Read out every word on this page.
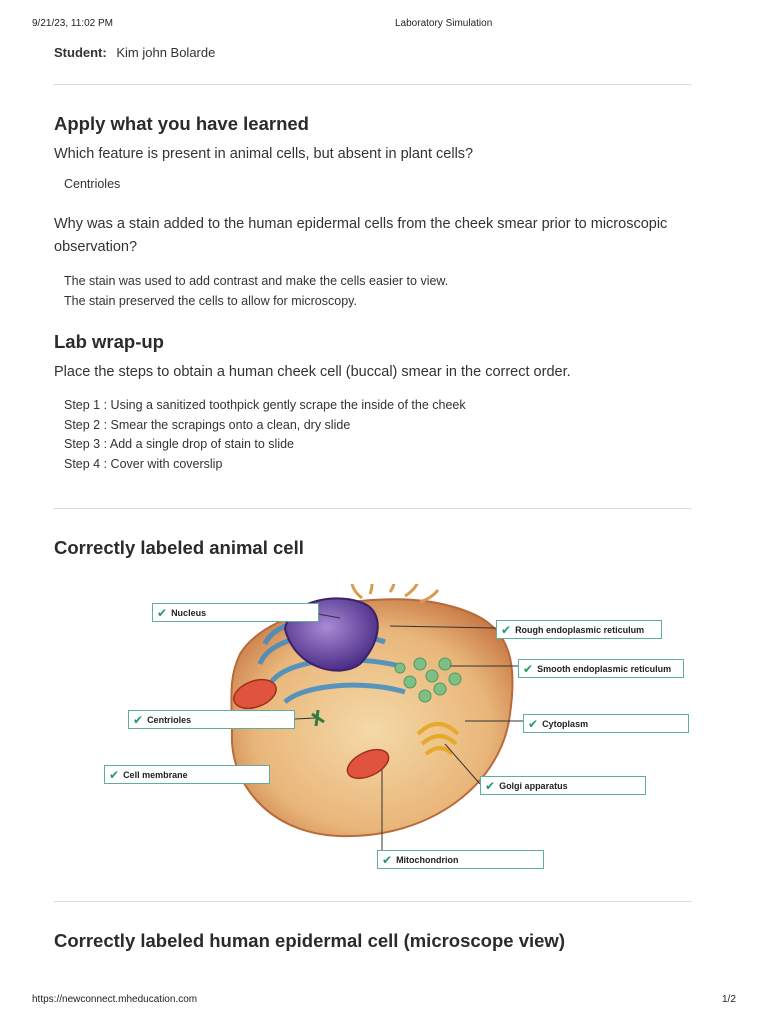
9/21/23, 11:02 PM	Laboratory Simulation
Student: Kim john Bolarde
Apply what you have learned
Which feature is present in animal cells, but absent in plant cells?
Centrioles
Why was a stain added to the human epidermal cells from the cheek smear prior to microscopic observation?
The stain was used to add contrast and make the cells easier to view.
The stain preserved the cells to allow for microscopy.
Lab wrap-up
Place the steps to obtain a human cheek cell (buccal) smear in the correct order.
Step 1 : Using a sanitized toothpick gently scrape the inside of the cheek
Step 2 : Smear the scrapings onto a clean, dry slide
Step 3 : Add a single drop of stain to slide
Step 4 : Cover with coverslip
Correctly labeled animal cell
✔ Nucleus
✔ Rough endoplasmic reticulum
✔ Smooth endoplasmic reticulum
✔ Centrioles	✔ Cytoplasm
✔ Cell membrane
✔ Golgi apparatus
✔ Mitochondrion
Correctly labeled human epidermal cell (microscope view)
https://newconnect.mheducation.com	1/2
